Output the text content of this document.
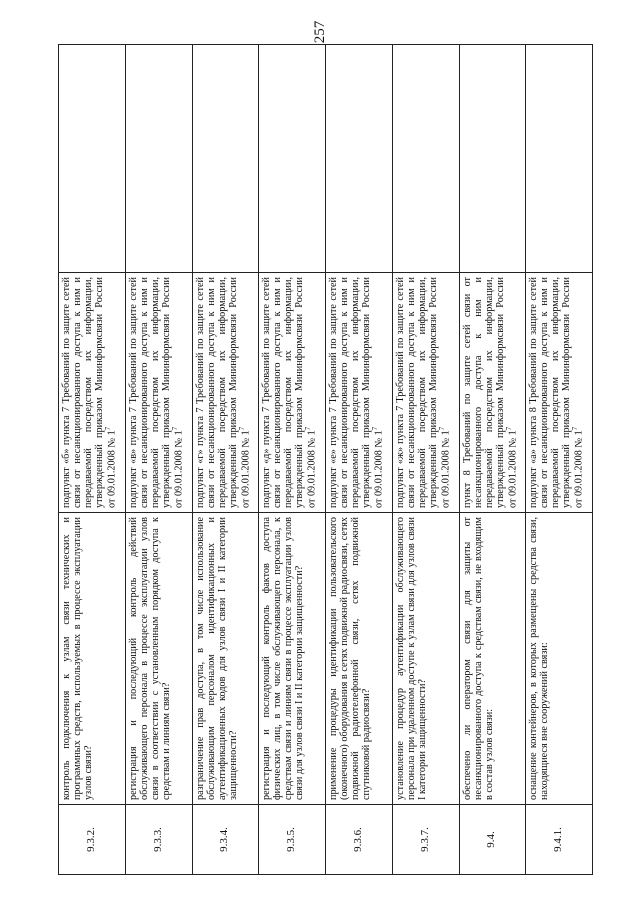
257
9.3.2.	контроль подключения к узлам связи технических и программных средств, используемых в процессе эксплуатации узлов связи?	подпункт «б» пункта 7 Требований по защите сетей связи от несанкционированного доступа к ним и передаваемой посредством их информации, утвержденный приказом Мининформсвязи России от 09.01.2008 № $1^7$	
9.3.3.	регистрация и последующий контроль действий обслуживающего персонала в процессе эксплуатации узлов связи в соответствии с установленным порядком доступа к средствам и линиям связи?	подпункт «в» пункта 7 Требований по защите сетей связи от несанкционированного доступа к ним и передаваемой посредством их информации, утвержденный приказом Мининформсвязи России от 09.01.2008 № $1^7$	
9.3.4.	разграничение прав доступа, в том числе использование обслуживающим персоналом идентификационных и аутентификационных кодов для узлов связи I и II категории защищенности?	подпункт «г» пункта 7 Требований по защите сетей связи от несанкционированного доступа к ним и передаваемой посредством их информации, утвержденный приказом Мининформсвязи России от 09.01.2008 № $1^7$	
9.3.5.	регистрация и последующий контроль фактов доступа физических лиц, в том числе обслуживающего персонала, к средствам связи и линиям связи в процессе эксплуатации узлов связи для узлов связи I и II категории защищенности?	подпункт «д» пункта 7 Требований по защите сетей связи от несанкционированного доступа к ним и передаваемой посредством их информации, утвержденный приказом Мининформсвязи России от 09.01.2008 № $1^7$	
9.3.6.	применение процедуры идентификации пользовательского (оконечного) оборудования в сетях подвижной радиосвязи, сетях подвижной радиотелефонной связи, сетях подвижной спутниковой радиосвязи?	подпункт «е» пункта 7 Требований по защите сетей связи от несанкционированного доступа к ним и передаваемой посредством их информации, утвержденный приказом Мининформсвязи России от 09.01.2008 № $1^7$	
9.3.7.	установление процедур аутентификации обслуживающего персонала при удаленном доступе к узлам связи для узлов связи I категории защищенности?	подпункт «ж» пункта 7 Требований по защите сетей связи от несанкционированного доступа к ним и передаваемой посредством их информации, утвержденный приказом Мининформсвязи России от 09.01.2008 № $1^7$	
9.4.	обеспечено ли оператором связи для защиты от несанкционированного доступа к средствам связи, не входящим в состав узлов связи:	пункт 8 Требований по защите сетей связи от несанкционированного доступа к ним и передаваемой посредством их информации, утвержденный приказом Мининформсвязи России от 09.01.2008 № $1^7$	
9.4.1.	оснащение контейнеров, в которых размещены средства связи, находящиеся вне сооружений связи:	подпункт «а» пункта 8 Требований по защите сетей связи от несанкционированного доступа к ним и передаваемой посредством их информации, утвержденный приказом Мининформсвязи России от 09.01.2008 № $1^7$	
